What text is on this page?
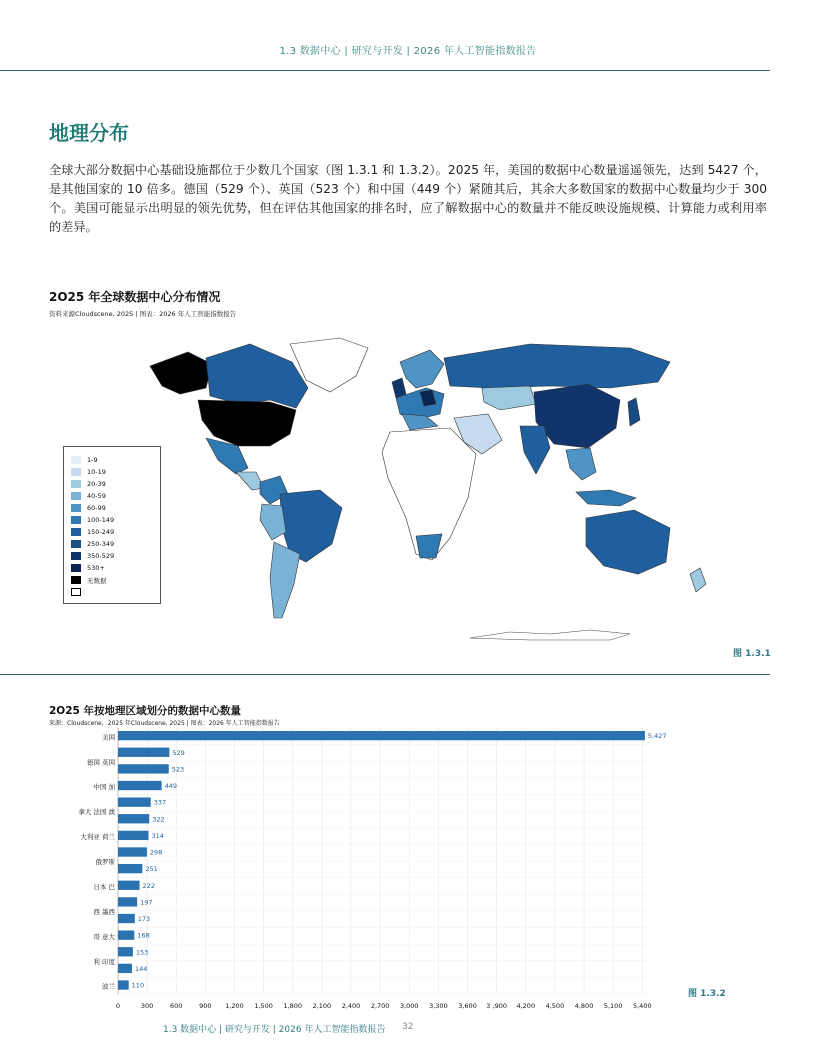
1.3 数据中心 | 研究与开发 | 2026 年人工智能指数报告
地理分布
全球大部分数据中心基础设施都位于少数几个国家（图 1.3.1 和 1.3.2）。2025 年，美国的数据中心数量遥遥领先，达到 5427 个，是其他国家的 10 倍多。德国（529 个）、英国（523 个）和中国（449 个）紧随其后，其余大多数国家的数据中心数量均少于 300 个。美国可能显示出明显的领先优势，但在评估其他国家的排名时，应了解数据中心的数量并不能反映设施规模、计算能力或利用率的差异。
2O25 年全球数据中心分布情况
资料来源Cloudscene, 2025 | 图表：2026 年人工智能指数报告
1-9
10-19
20-39
40-59
60-99
100-149
150-249
250-349
350-529
530+
无数据
图 1.3.1
2O25 年按地理区域划分的数据中心数量
来源：Cloudscene，2025 年Cloudscene, 2025 | 图表：2026 年人工智能指数报告
0	300	600	900 1,200 1,500 1,800 2,100 2,400 2,700 3,000 3,300 3,600 3 ,900 4,200 4,500 4,800 5,100 5,400
5,427
529
523
449
337
322
314
298
251
222
197
173
168
153
144
110
美国
德国 英国
中国 加
拿大 法国 澳
大利亚 荷兰
俄罗斯
日本 巴
西 墨西
哥 意大
利 印度
波兰
图 1.3.2
1.3 数据中心 | 研究与开发 | 2026 年人工智能指数报告 32
